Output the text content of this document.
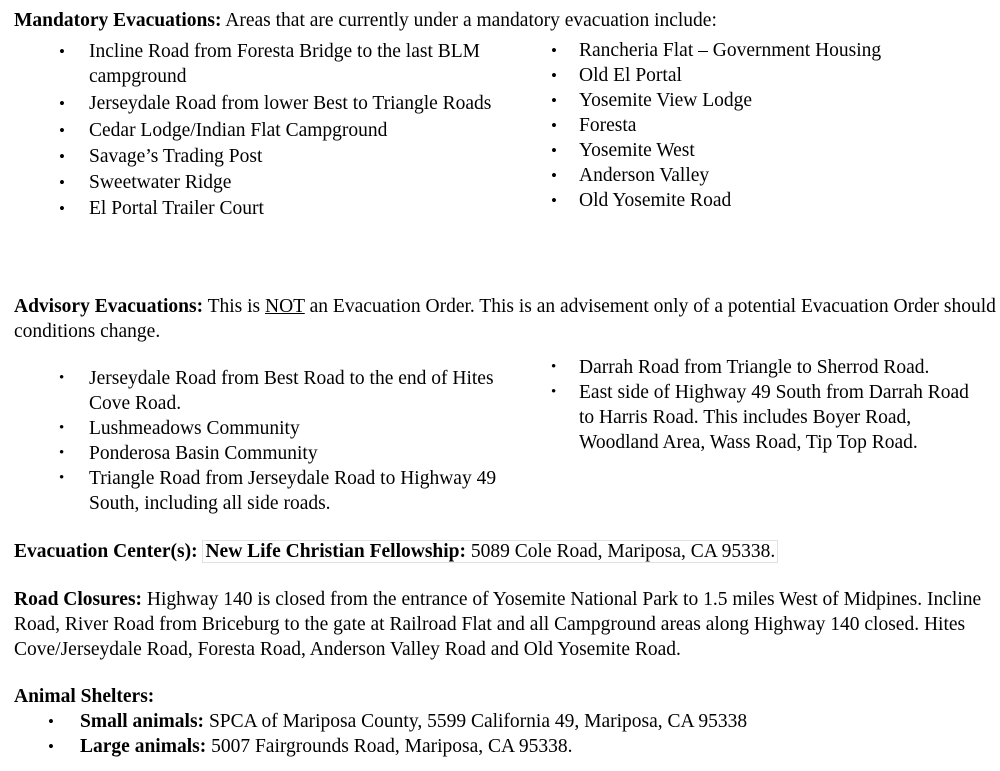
Mandatory Evacuations: Areas that are currently under a mandatory evacuation include:
• Incline Road from Foresta Bridge to the last BLM campground
• Jerseydale Road from lower Best to Triangle Roads
• Cedar Lodge/Indian Flat Campground
• Savage’s Trading Post
• Sweetwater Ridge
• El Portal Trailer Court
• Rancheria Flat – Government Housing
• Old El Portal
• Yosemite View Lodge
• Foresta
• Yosemite West
• Anderson Valley
• Old Yosemite Road
Advisory Evacuations: This is NOT an Evacuation Order. This is an advisement only of a potential Evacuation Order should conditions change.
• Jerseydale Road from Best Road to the end of Hites Cove Road.
• Lushmeadows Community
• Ponderosa Basin Community
• Triangle Road from Jerseydale Road to Highway 49 South, including all side roads.
• Darrah Road from Triangle to Sherrod Road.
• East side of Highway 49 South from Darrah Road to Harris Road. This includes Boyer Road, Woodland Area, Wass Road, Tip Top Road.
Evacuation Center(s): New Life Christian Fellowship: 5089 Cole Road, Mariposa, CA 95338.
Road Closures: Highway 140 is closed from the entrance of Yosemite National Park to 1.5 miles West of Midpines. Incline Road, River Road from Briceburg to the gate at Railroad Flat and all Campground areas along Highway 140 closed. Hites Cove/Jerseydale Road, Foresta Road, Anderson Valley Road and Old Yosemite Road.
Animal Shelters:
• Small animals: SPCA of Mariposa County, 5599 California 49, Mariposa, CA 95338
• Large animals: 5007 Fairgrounds Road, Mariposa, CA 95338.
